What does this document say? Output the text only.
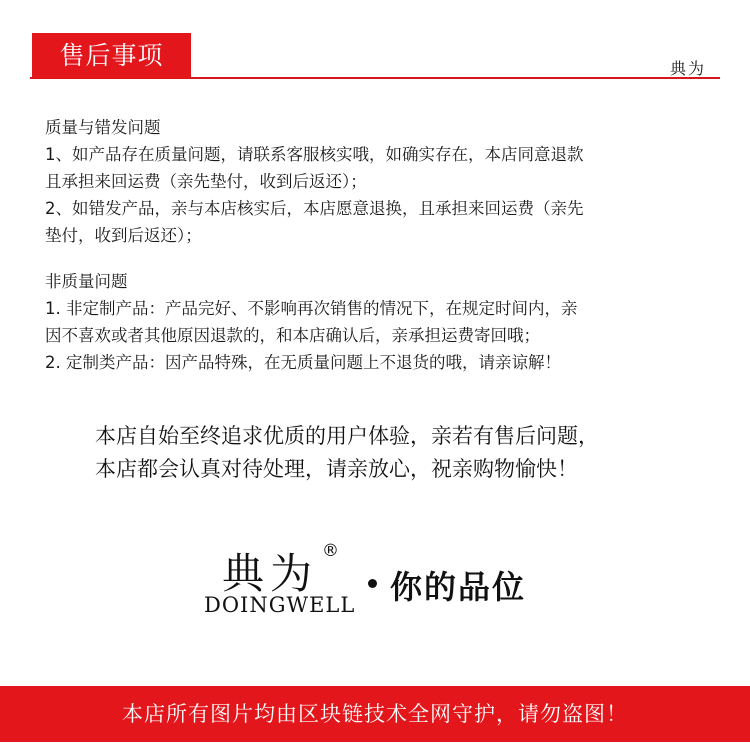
售后事项	典为

质量与错发问题

1、如产品存在质量问题，请联系客服核实哦，如确实存在，本店同意退款

且承担来回运费（亲先垫付，收到后返还）；

2、如错发产品，亲与本店核实后，本店愿意退换，且承担来回运费（亲先

垫付，收到后返还）；

非质量问题

1. 非定制产品：产品完好、不影响再次销售的情况下，在规定时间内，亲

因不喜欢或者其他原因退款的，和本店确认后，亲承担运费寄回哦；

2. 定制类产品：因产品特殊，在无质量问题上不退货的哦，请亲谅解！

本店自始至终追求优质的用户体验，亲若有售后问题，

本店都会认真对待处理，请亲放心，祝亲购物愉快！

典为 ®
DOINGWELL 你的品位
本店所有图片均由区块链技术全网守护，请勿盗图！
